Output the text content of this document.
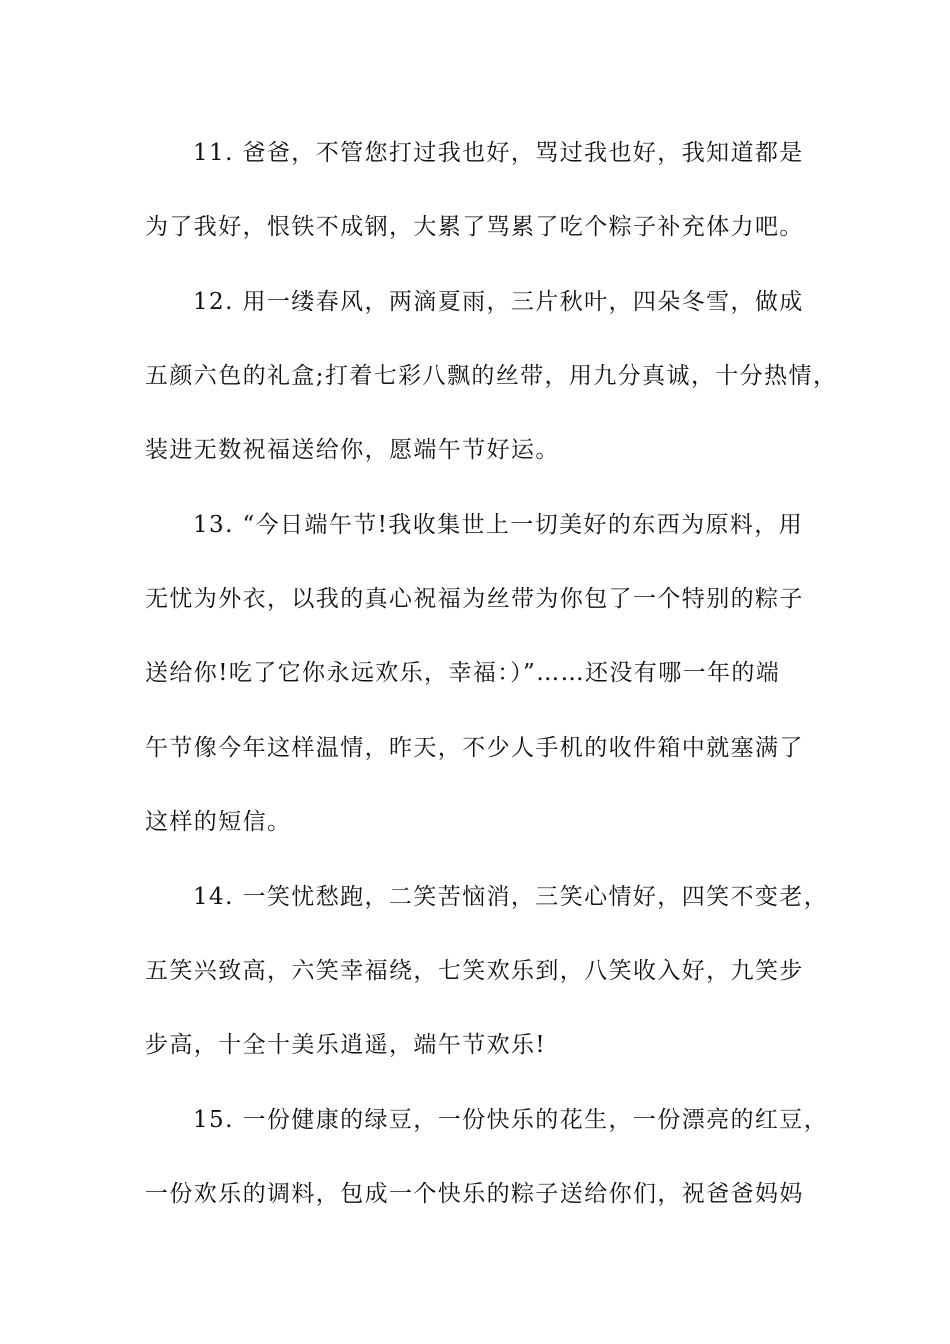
11. 爸爸，不管您打过我也好，骂过我也好，我知道都是
为了我好，恨铁不成钢，大累了骂累了吃个粽子补充体力吧。
12. 用一缕春风，两滴夏雨，三片秋叶，四朵冬雪，做成
五颜六色的礼盒;打着七彩八飘的丝带，用九分真诚，十分热情，
装进无数祝福送给你，愿端午节好运。
13. “今日端午节!我收集世上一切美好的东西为原料，用
无忧为外衣，以我的真心祝福为丝带为你包了一个特别的粽子
送给你!吃了它你永远欢乐，幸福：）”……还没有哪一年的端
午节像今年这样温情，昨天，不少人手机的收件箱中就塞满了
这样的短信。
14. 一笑忧愁跑，二笑苦恼消，三笑心情好，四笑不变老，
五笑兴致高，六笑幸福绕，七笑欢乐到，八笑收入好，九笑步
步高，十全十美乐逍遥，端午节欢乐!
15. 一份健康的绿豆，一份快乐的花生，一份漂亮的红豆，
一份欢乐的调料，包成一个快乐的粽子送给你们，祝爸爸妈妈
